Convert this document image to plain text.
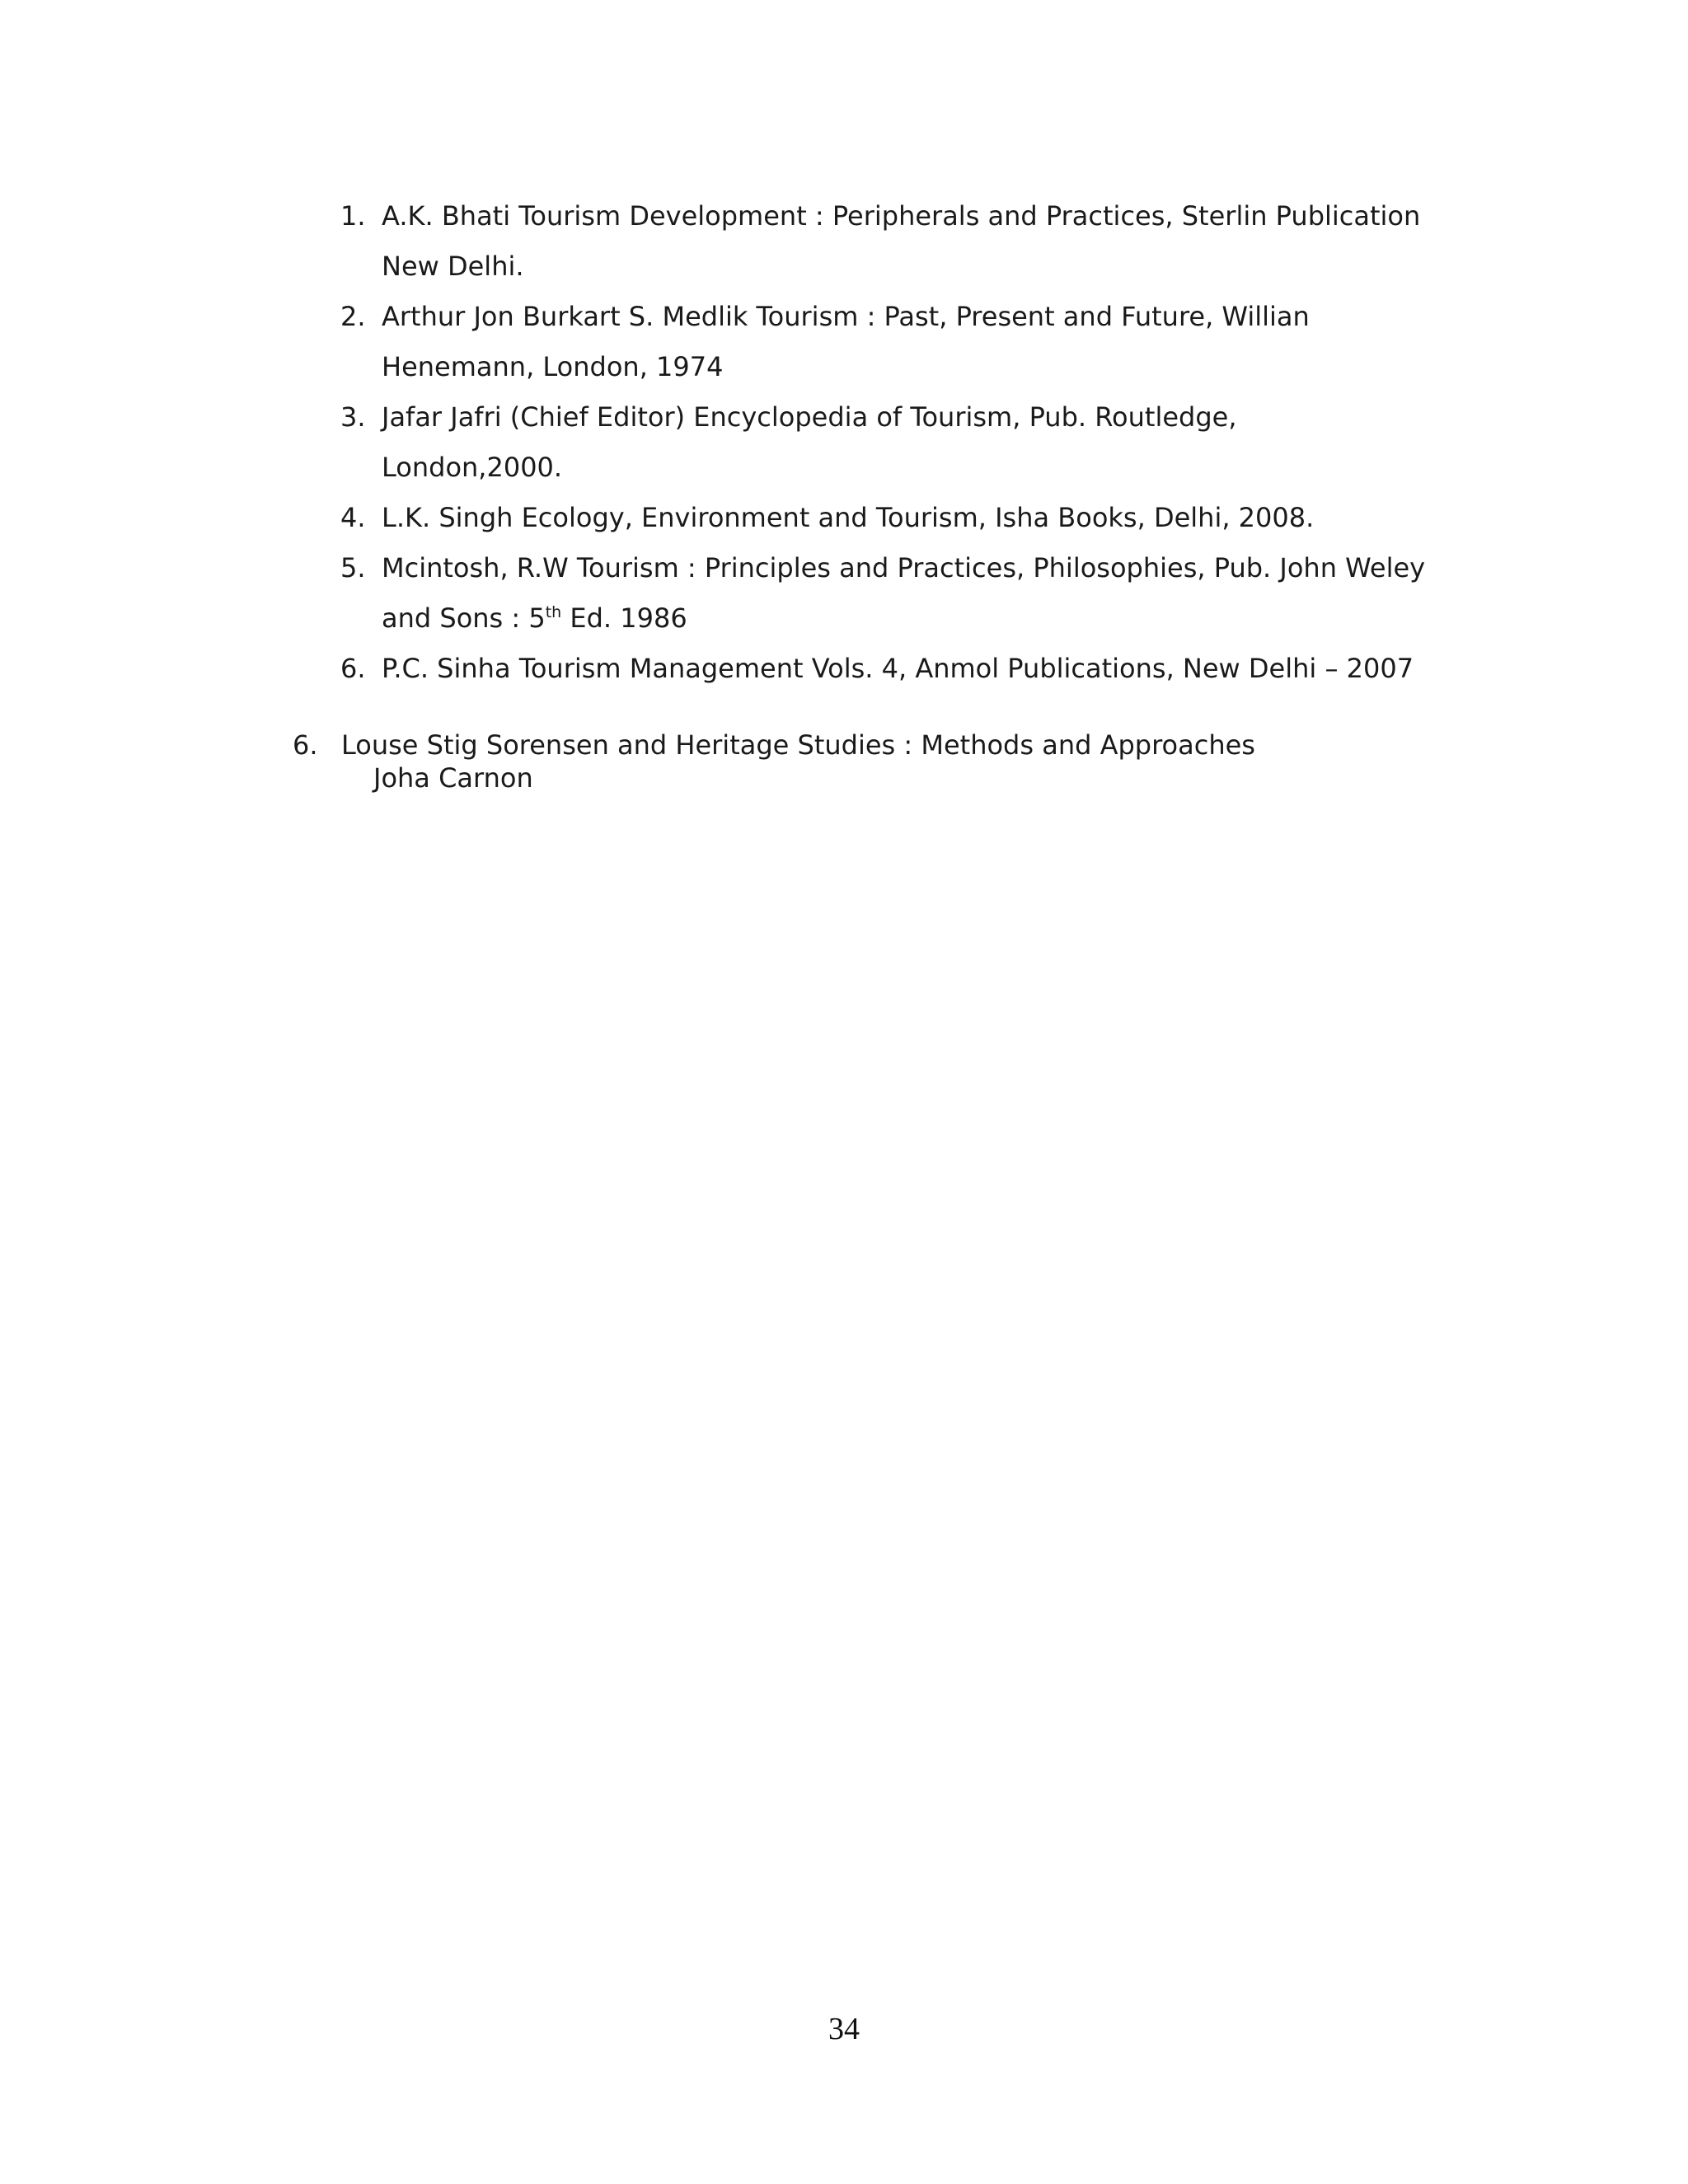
1. A.K. Bhati Tourism Development : Peripherals and Practices, Sterlin Publication
New Delhi.
2. Arthur Jon Burkart S. Medlik Tourism : Past, Present and Future, Willian
Henemann, London, 1974
3. Jafar Jafri (Chief Editor) Encyclopedia of Tourism, Pub. Routledge,
London,2000.
4. L.K. Singh Ecology, Environment and Tourism, Isha Books, Delhi, 2008.
5. Mcintosh, R.W Tourism : Principles and Practices, Philosophies, Pub. John Weley
and Sons : 5th Ed. 1986
6. P.C. Sinha Tourism Management Vols. 4, Anmol Publications, New Delhi – 2007
6. Louse Stig Sorensen and Heritage Studies : Methods and Approaches
Joha Carnon
34
